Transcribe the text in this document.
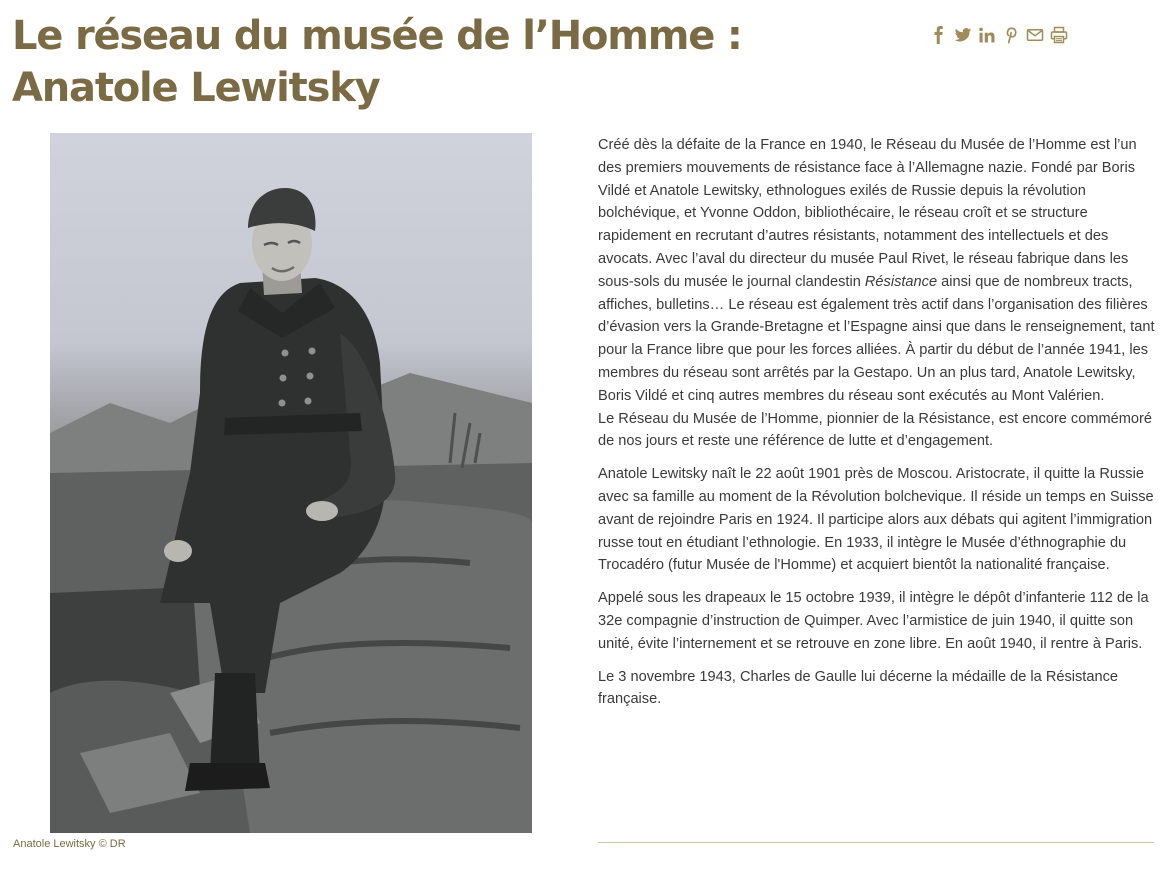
Le réseau du musée de l’Homme :
Anatole Lewitsky
Anatole Lewitsky © DR

Créé dès la défaite de la France en 1940, le Réseau du Musée de l’Homme est l’un des premiers mouvements de résistance face à l’Allemagne nazie. Fondé par Boris Vildé et Anatole Lewitsky, ethnologues exilés de Russie depuis la révolution bolchévique, et Yvonne Oddon, bibliothécaire, le réseau croît et se structure rapidement en recrutant d’autres résistants, notamment des intellectuels et des avocats. Avec l’aval du directeur du musée Paul Rivet, le réseau fabrique dans les sous-sols du musée le journal clandestin Résistance ainsi que de nombreux tracts, affiches, bulletins… Le réseau est également très actif dans l’organisation des filières d’évasion vers la Grande-Bretagne et l’Espagne ainsi que dans le renseignement, tant pour la France libre que pour les forces alliées. À partir du début de l’année 1941, les membres du réseau sont arrêtés par la Gestapo. Un an plus tard, Anatole Lewitsky, Boris Vildé et cinq autres membres du réseau sont exécutés au Mont Valérien.

Le Réseau du Musée de l’Homme, pionnier de la Résistance, est encore commémoré de nos jours et reste une référence de lutte et d’engagement.

Anatole Lewitsky naît le 22 août 1901 près de Moscou. Aristocrate, il quitte la Russie avec sa famille au moment de la Révolution bolchevique. Il réside un temps en Suisse avant de rejoindre Paris en 1924. Il participe alors aux débats qui agitent l’immigration russe tout en étudiant l’ethnologie. En 1933, il intègre le Musée d’éthnographie du Trocadéro (futur Musée de l'Homme) et acquiert bientôt la nationalité française.

Appelé sous les drapeaux le 15 octobre 1939, il intègre le dépôt d’infanterie 112 de la 32e compagnie d’instruction de Quimper. Avec l’armistice de juin 1940, il quitte son unité, évite l’internement et se retrouve en zone libre. En août 1940, il rentre à Paris.

Le 3 novembre 1943, Charles de Gaulle lui décerne la médaille de la Résistance française.
